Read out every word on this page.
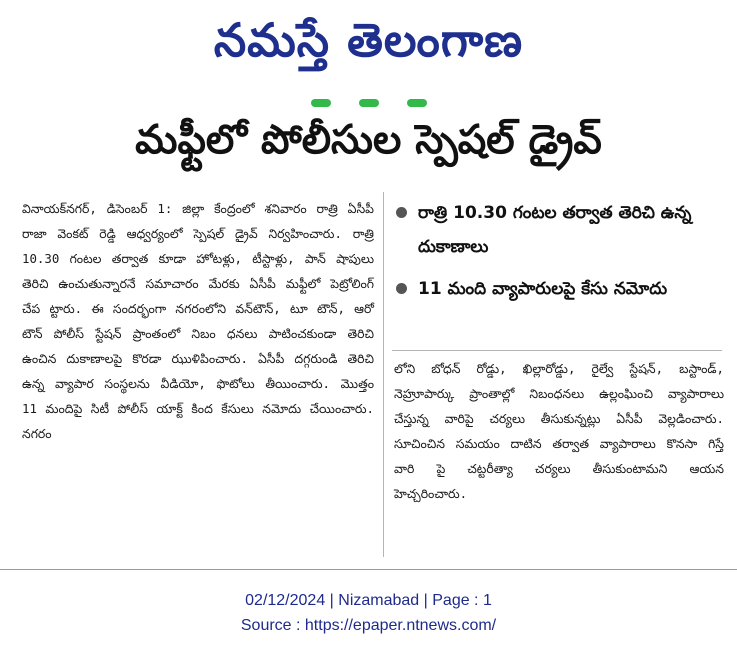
నమస్తే తెలంగాణ
మఫ్టీలో పోలీసుల స్పెషల్ డ్రైవ్

వినాయక్‌నగర్, డిసెంబర్ 1: జిల్లా కేంద్రంలో శనివారం రాత్రి ఏసీపీ రాజా వెంకట్ రెడ్డి ఆధ్వర్యంలో స్పెషల్ డ్రైవ్ నిర్వహించారు. రాత్రి 10.30 గంటల తర్వాత కూడా హోటళ్లు, టీస్టాళ్లు, పాన్ షాపులు తెరిచి ఉంచుతున్నారనే సమాచారం మేరకు ఏసీపీ మఫ్టీలో పెట్రోలింగ్ చేప ట్టారు. ఈ సందర్భంగా నగరంలోని వన్‌టౌన్, టూ టౌన్, ఆరో టౌన్ పోలీస్ స్టేషన్ ప్రాంతంలో నిబం ధనలు పాటించకుండా తెరిచి ఉంచిన దుకాణాలపై కొరడా ఝుళిపించారు. ఏసీపీ దగ్గరుండి తెరిచి ఉన్న వ్యాపార సంస్థలను వీడియో, ఫొటోలు తీయించారు. మొత్తం 11 మందిపై సిటీ పోలీస్ యాక్ట్ కింద కేసులు నమోదు చేయించారు. నగరం

రాత్రి 10.30 గంటల తర్వాత తెరిచి ఉన్న దుకాణాలు
11 మంది వ్యాపారులపై కేసు నమోదు

లోని బోధన్ రోడ్డు, ఖిల్లారోడ్డు, రైల్వే స్టేషన్, బస్టాండ్, నెహ్రూపార్కు ప్రాంతాల్లో నిబంధనలు ఉల్లంఘించి వ్యాపారాలు చేస్తున్న వారిపై చర్యలు తీసుకున్నట్లు ఏసీపీ వెల్లడించారు. సూచించిన సమయం దాటిన తర్వాత వ్యాపారాలు కొనసా గిస్తే వారి పై చట్టరీత్యా చర్యలు తీసుకుంటామని ఆయన హెచ్చరించారు.

02/12/2024 | Nizamabad | Page : 1
Source : https://epaper.ntnews.com/
